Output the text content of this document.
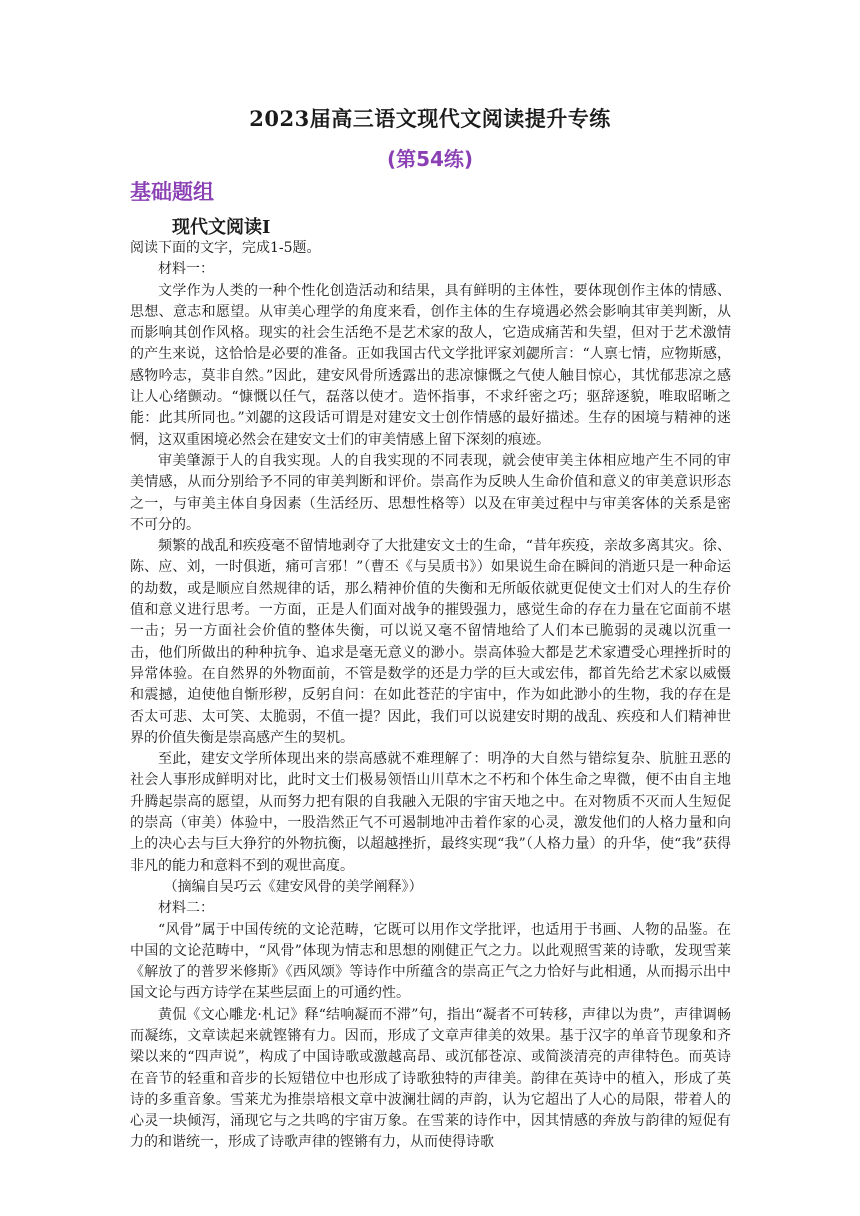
2023届高三语文现代文阅读提升专练
(第54练)
基础题组
现代文阅读Ⅰ

阅读下面的文字，完成1-5题。

材料一：

文学作为人类的一种个性化创造活动和结果，具有鲜明的主体性，要体现创作主体的情感、思想、意志和愿望。从审美心理学的角度来看，创作主体的生存境遇必然会影响其审美判断，从而影响其创作风格。现实的社会生活绝不是艺术家的敌人，它造成痛苦和失望，但对于艺术激情的产生来说，这恰恰是必要的准备。正如我国古代文学批评家刘勰所言：“人禀七情，应物斯感，感物吟志，莫非自然。”因此，建安风骨所透露出的悲凉慷慨之气使人触目惊心，其忧郁悲凉之感让人心绪颤动。“慷慨以任气，磊落以使才。造怀指事，不求纤密之巧；驱辞逐貌，唯取昭晰之能：此其所同也。”刘勰的这段话可谓是对建安文士创作情感的最好描述。生存的困境与精神的迷惘，这双重困境必然会在建安文士们的审美情感上留下深刻的痕迹。

审美肇源于人的自我实现。人的自我实现的不同表现，就会使审美主体相应地产生不同的审美情感，从而分别给予不同的审美判断和评价。崇高作为反映人生命价值和意义的审美意识形态之一，与审美主体自身因素（生活经历、思想性格等）以及在审美过程中与审美客体的关系是密不可分的。

频繁的战乱和疾疫毫不留情地剥夺了大批建安文士的生命，“昔年疾疫，亲故多离其灾。徐、陈、应、刘，一时俱逝，痛可言邪！”（曹丕《与吴质书》）如果说生命在瞬间的消逝只是一种命运的劫数，或是顺应自然规律的话，那么精神价值的失衡和无所皈依就更促使文士们对人的生存价值和意义进行思考。一方面，正是人们面对战争的摧毁强力，感觉生命的存在力量在它面前不堪一击；另一方面社会价值的整体失衡，可以说又毫不留情地给了人们本已脆弱的灵魂以沉重一击，他们所做出的种种抗争、追求是毫无意义的渺小。崇高体验大都是艺术家遭受心理挫折时的异常体验。在自然界的外物面前，不管是数学的还是力学的巨大或宏伟，都首先给艺术家以威慑和震撼，迫使他自惭形秽，反躬自问：在如此苍茫的宇宙中，作为如此渺小的生物，我的存在是否太可悲、太可笑、太脆弱，不值一提？因此，我们可以说建安时期的战乱、疾疫和人们精神世界的价值失衡是崇高感产生的契机。

至此，建安文学所体现出来的崇高感就不难理解了：明净的大自然与错综复杂、肮脏丑恶的社会人事形成鲜明对比，此时文士们极易领悟山川草木之不朽和个体生命之卑微，便不由自主地升腾起崇高的愿望，从而努力把有限的自我融入无限的宇宙天地之中。在对物质不灭而人生短促的崇高（审美）体验中，一股浩然正气不可遏制地冲击着作家的心灵，激发他们的人格力量和向上的决心去与巨大狰狞的外物抗衡，以超越挫折，最终实现“我”（人格力量）的升华，使“我”获得非凡的能力和意料不到的观世高度。

（摘编自吴巧云《建安风骨的美学阐释》）

材料二：

“风骨”属于中国传统的文论范畴，它既可以用作文学批评，也适用于书画、人物的品鉴。在中国的文论范畴中，“风骨”体现为情志和思想的刚健正气之力。以此观照雪莱的诗歌，发现雪莱《解放了的普罗米修斯》《西风颂》等诗作中所蕴含的崇高正气之力恰好与此相通，从而揭示出中国文论与西方诗学在某些层面上的可通约性。

黄侃《文心雕龙·札记》释“结响凝而不滞”句，指出“凝者不可转移，声律以为贵”，声律调畅而凝练，文章读起来就铿锵有力。因而，形成了文章声律美的效果。基于汉字的单音节现象和齐梁以来的“四声说”，构成了中国诗歌或激越高昂、或沉郁苍凉、或简淡清亮的声律特色。而英诗在音节的轻重和音步的长短错位中也形成了诗歌独特的声律美。韵律在英诗中的植入，形成了英诗的多重音象。雪莱尤为推崇培根文章中波澜壮阔的声韵，认为它超出了人心的局限，带着人的心灵一块倾泻，涌现它与之共鸣的宇宙万象。在雪莱的诗作中，因其情感的奔放与韵律的短促有力的和谐统一，形成了诗歌声律的铿锵有力，从而使得诗歌
